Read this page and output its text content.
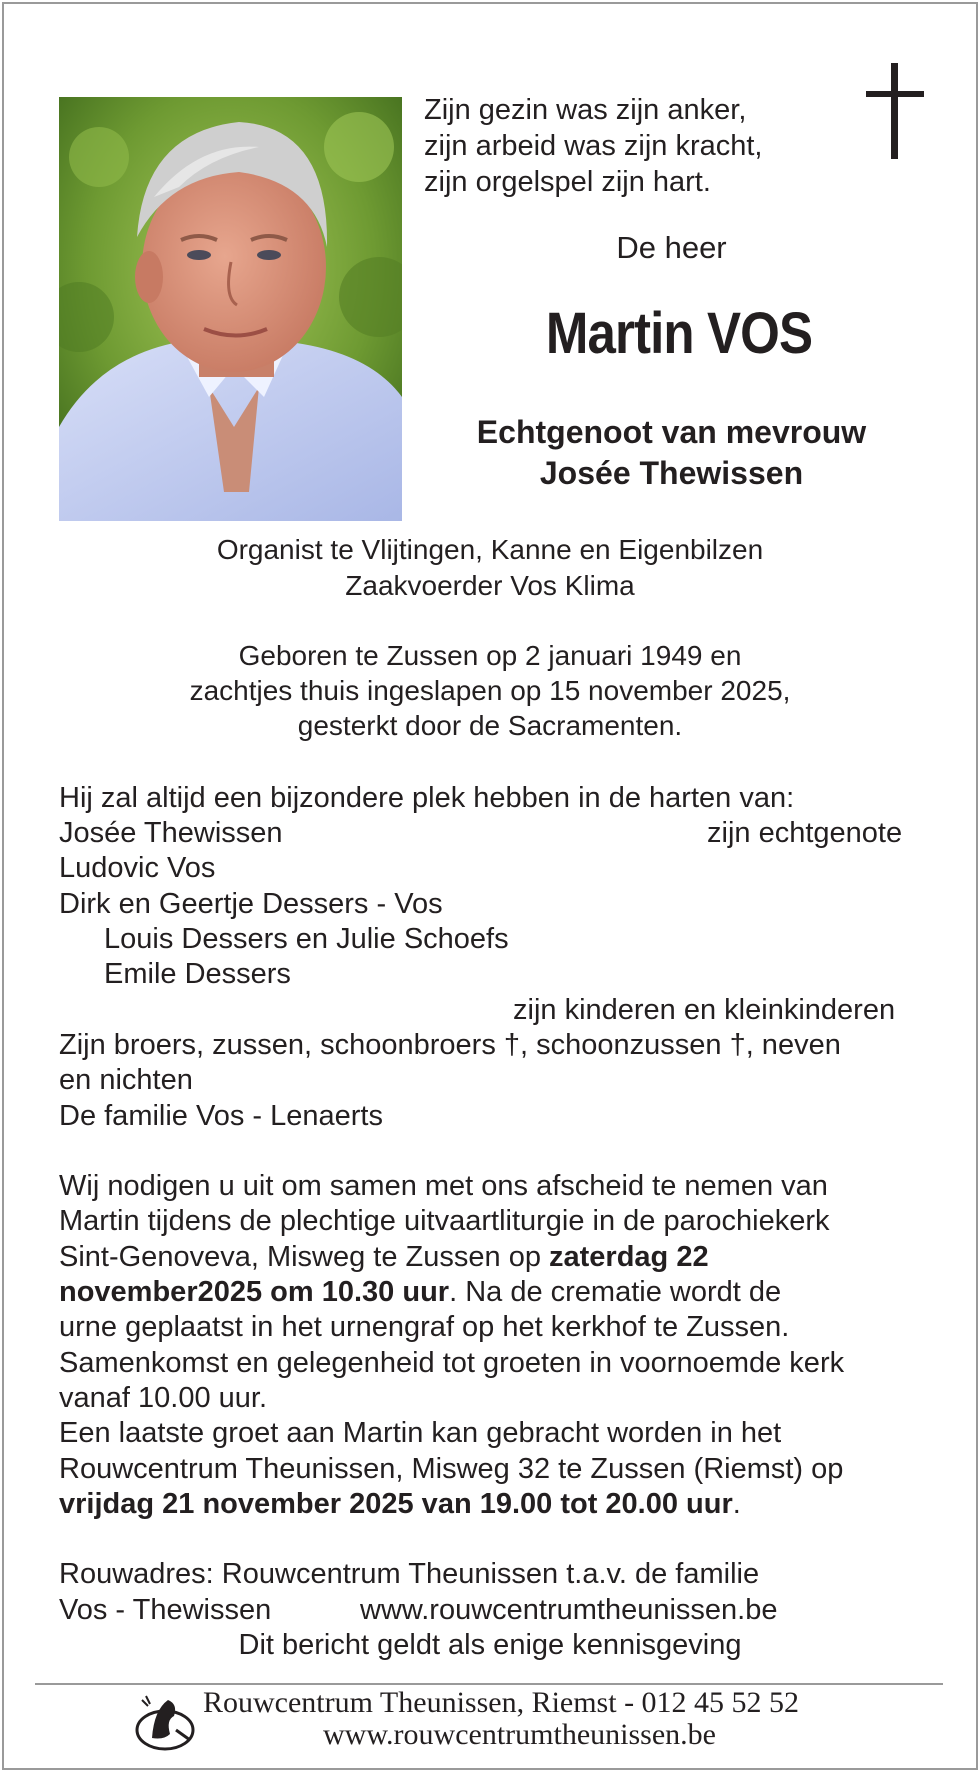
Zijn gezin was zijn anker,
zijn arbeid was zijn kracht,
zijn orgelspel zijn hart.
De heer
Martin VOS
Echtgenoot van mevrouw
Josée Thewissen
Organist te Vlijtingen, Kanne en Eigenbilzen
Zaakvoerder Vos Klima
Geboren te Zussen op 2 januari 1949 en
zachtjes thuis ingeslapen op 15 november 2025,
gesterkt door de Sacramenten.
Hij zal altijd een bijzondere plek hebben in de harten van:
Josée Thewissen	zijn echtgenote
Ludovic Vos
Dirk en Geertje Dessers - Vos
Louis Dessers en Julie Schoefs
Emile Dessers
zijn kinderen en kleinkinderen
Zijn broers, zussen, schoonbroers †, schoonzussen †, neven
en nichten
De familie Vos - Lenaerts
Wij nodigen u uit om samen met ons afscheid te nemen van
Martin tijdens de plechtige uitvaartliturgie in de parochiekerk
Sint-Genoveva, Misweg te Zussen op zaterdag 22
november2025 om 10.30 uur. Na de crematie wordt de
urne geplaatst in het urnengraf op het kerkhof te Zussen.
Samenkomst en gelegenheid tot groeten in voornoemde kerk
vanaf 10.00 uur.
Een laatste groet aan Martin kan gebracht worden in het
Rouwcentrum Theunissen, Misweg 32 te Zussen (Riemst) op
vrijdag 21 november 2025 van 19.00 tot 20.00 uur.
Rouwadres: Rouwcentrum Theunissen t.a.v. de familie
Vos - Thewissen	www.rouwcentrumtheunissen.be
Dit bericht geldt als enige kennisgeving
Rouwcentrum Theunissen, Riemst - 012 45 52 52
www.rouwcentrumtheunissen.be
